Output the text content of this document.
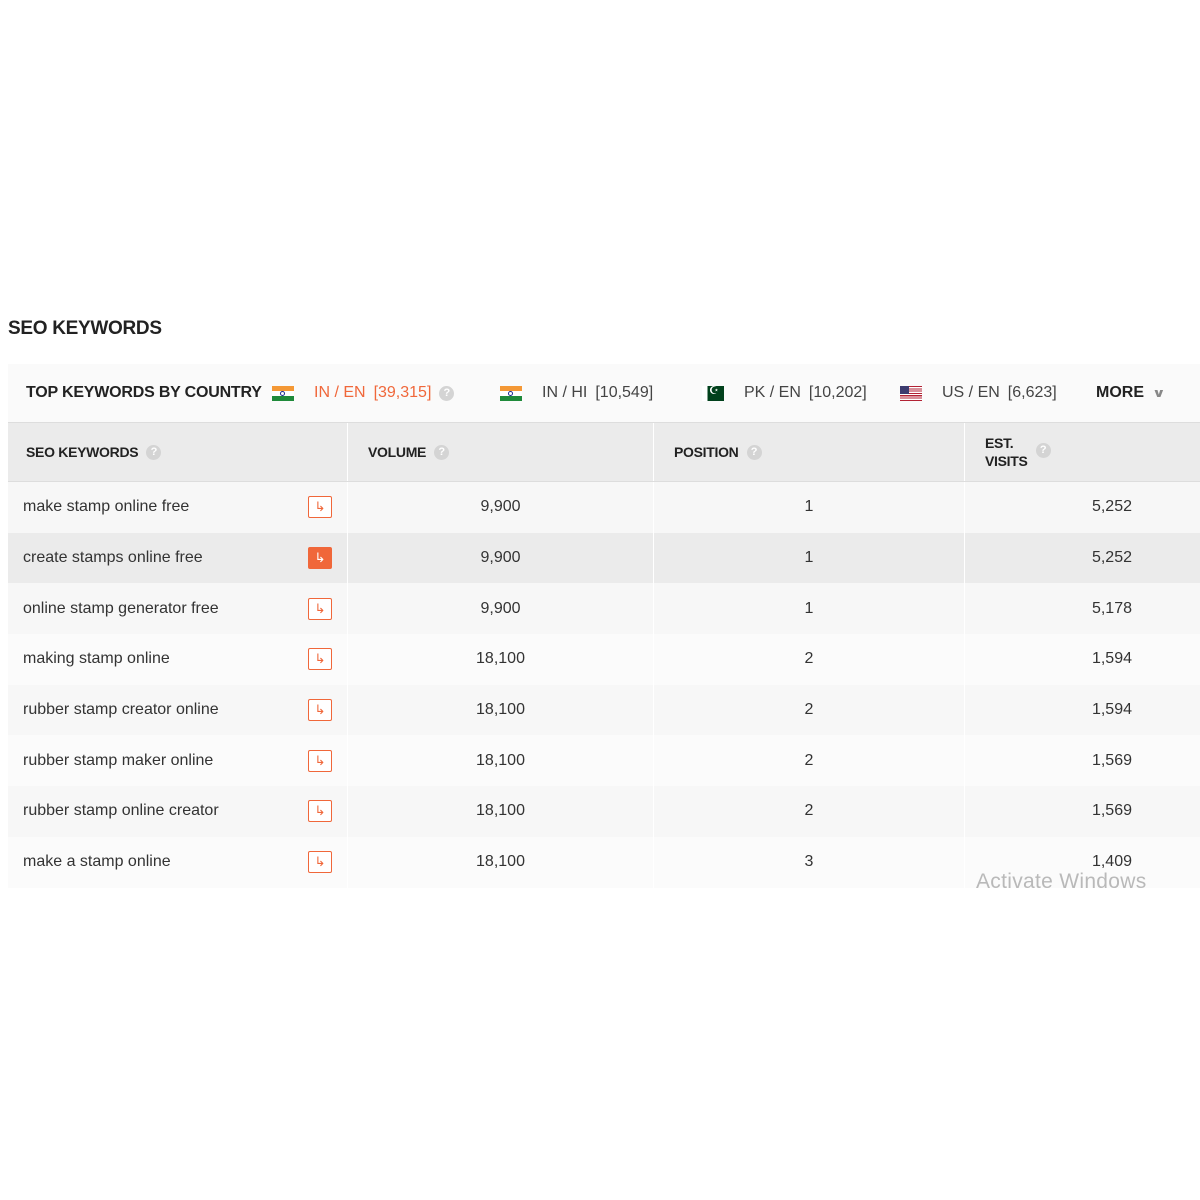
SEO KEYWORDS
TOP KEYWORDS BY COUNTRY	IN / EN [39,315]	?	IN / HI [10,549]
☪	PK / EN [10,202]	US / EN [6,623] MORE ∨
SEO KEYWORDS	?	VOLUME	?	POSITION	?
EST.
VISITS
?
make stamp online free	↳	9,900	1	5,252
create stamps online free	↳	9,900	1	5,252
online stamp generator free	↳	9,900	1	5,178
making stamp online	↳	18,100	2	1,594
rubber stamp creator online	↳	18,100	2	1,594
rubber stamp maker online	↳	18,100	2	1,569
rubber stamp online creator	↳	18,100	2	1,569
make a stamp online	↳	18,100	3	1,409
Activate Windows
